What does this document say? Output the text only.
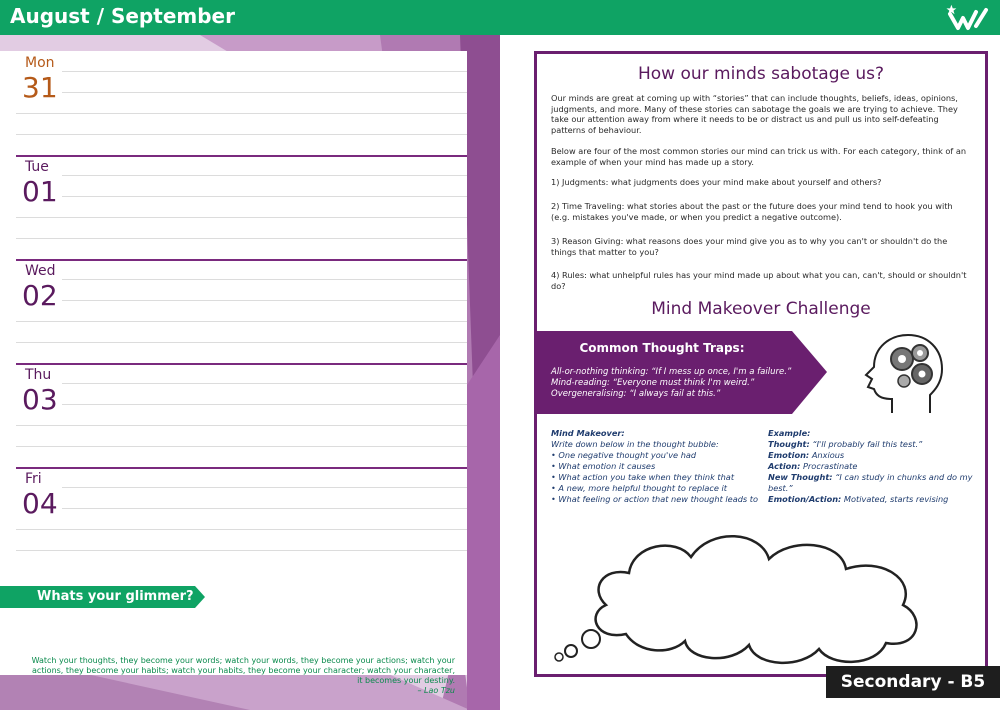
August / September
Mon
31
Tue
01
Wed
02
Thu
03
Fri
04
Whats your glimmer?
Watch your thoughts, they become your words; watch your words, they become your actions; watch your actions, they become your habits; watch your habits, they become your character; watch your character, it becomes your destiny.
– Lao Tzu
How our minds sabotage us?
Our minds are great at coming up with “stories” that can include thoughts, beliefs, ideas, opinions, judgments, and more. Many of these stories can sabotage the goals we are trying to achieve. They take our attention away from where it needs to be or distract us and pull us into self-defeating patterns of behaviour.
Below are four of the most common stories our mind can trick us with. For each category, think of an example of when your mind has made up a story.
1) Judgments: what judgments does your mind make about yourself and others?
2) Time Traveling: what stories about the past or the future does your mind tend to hook you with (e.g. mistakes you've made, or when you predict a negative outcome).
3) Reason Giving: what reasons does your mind give you as to why you can't or shouldn't do the things that matter to you?
4) Rules: what unhelpful rules has your mind made up about what you can, can't, should or shouldn't do?
Mind Makeover Challenge
Common Thought Traps:
All-or-nothing thinking: “If I mess up once, I'm a failure.”
Mind-reading: “Everyone must think I'm weird.”
Overgeneralising: “I always fail at this.”
Mind Makeover:
Write down below in the thought bubble:
• One negative thought you've had
• What emotion it causes
• What action you take when they think that
• A new, more helpful thought to replace it
• What feeling or action that new thought leads to
Example:
Thought: “I'll probably fail this test.”
Emotion: Anxious
Action: Procrastinate
New Thought: “I can study in chunks and do my best.”
Emotion/Action: Motivated, starts revising
Secondary - B5
